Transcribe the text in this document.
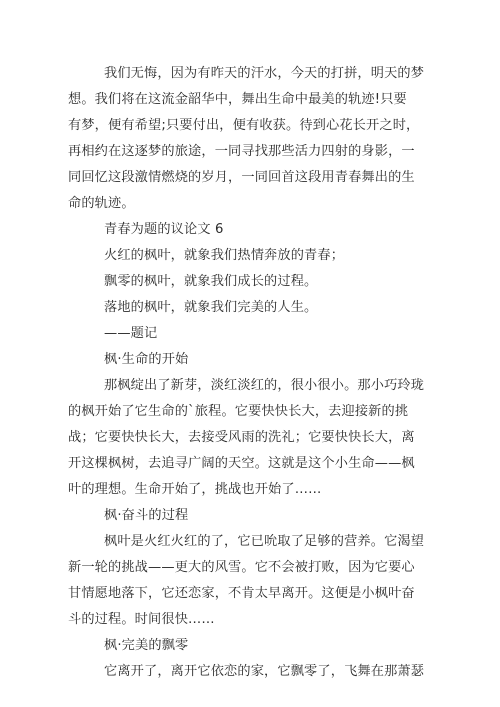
我们无悔，因为有昨天的汗水，今天的打拼，明天的梦
想。我们将在这流金韶华中，舞出生命中最美的轨迹!只要
有梦，便有希望;只要付出，便有收获。待到心花长开之时，
再相约在这逐梦的旅途，一同寻找那些活力四射的身影，一
同回忆这段激情燃烧的岁月，一同回首这段用青春舞出的生
命的轨迹。
青春为题的议论文 6
火红的枫叶，就象我们热情奔放的青春；
飘零的枫叶，就象我们成长的过程。
落地的枫叶，就象我们完美的人生。
——题记
枫·生命的开始
那枫绽出了新芽，淡红淡红的，很小很小。那小巧玲珑
的枫开始了它生命的`旅程。它要快快长大，去迎接新的挑
战；它要快快长大，去接受风雨的洗礼；它要快快长大，离
开这棵枫树，去追寻广阔的天空。这就是这个小生命——枫
叶的理想。生命开始了，挑战也开始了……
枫·奋斗的过程
枫叶是火红火红的了，它已吮取了足够的营养。它渴望
新一轮的挑战——更大的风雪。它不会被打败，因为它要心
甘情愿地落下，它还恋家，不肯太早离开。这便是小枫叶奋
斗的过程。时间很快……
枫·完美的飘零
它离开了，离开它依恋的家，它飘零了，飞舞在那萧瑟
